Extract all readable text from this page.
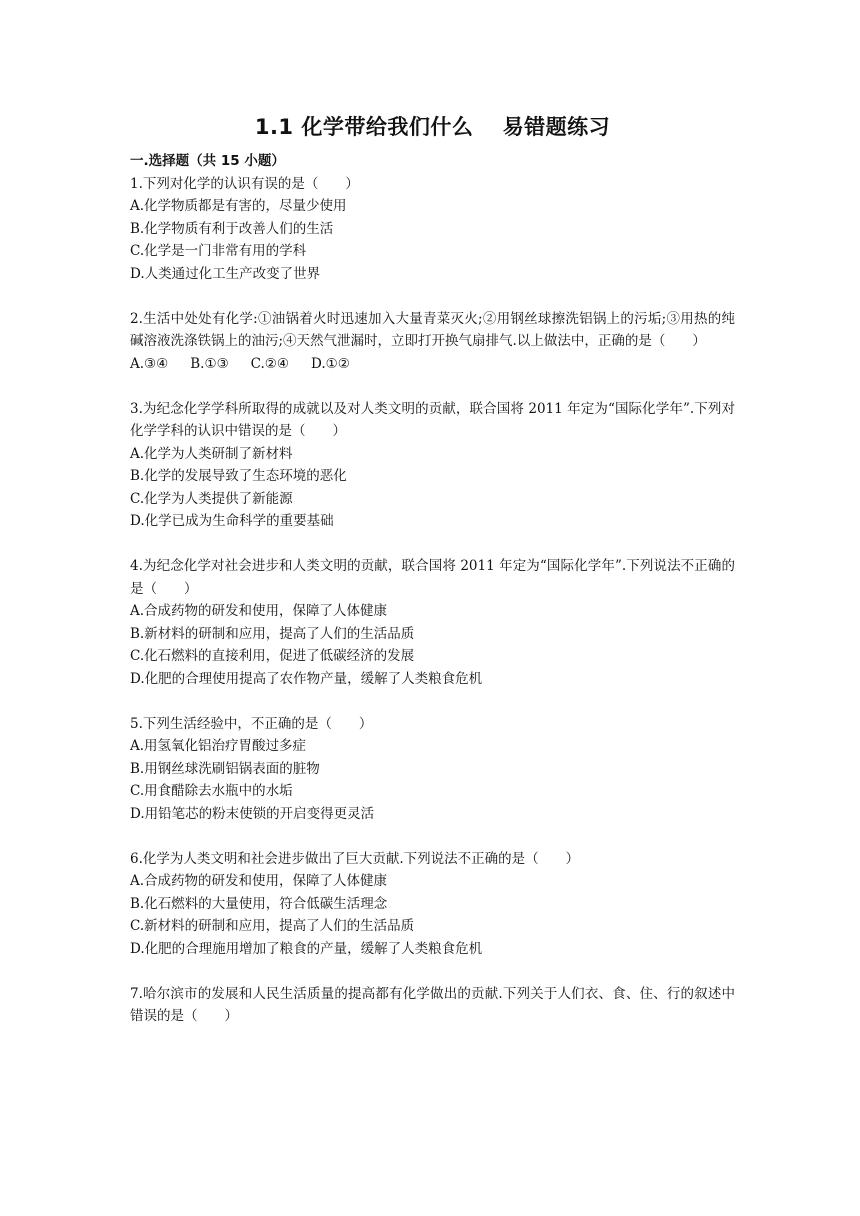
1.1 化学带给我们什么　 易错题练习

一.选择题（共 15 小题）

1.下列对化学的认识有误的是（　　）

A.化学物质都是有害的，尽量少使用

B.化学物质有利于改善人们的生活

C.化学是一门非常有用的学科

D.人类通过化工生产改变了世界

2.生活中处处有化学:①油锅着火时迅速加入大量青菜灭火;②用钢丝球擦洗铝锅上的污垢;③用热的纯碱溶液洗涤铁锅上的油污;④天然气泄漏时，立即打开换气扇排气.以上做法中，正确的是（　　）

A.③④ B.①③ C.②④ D.①②

3.为纪念化学学科所取得的成就以及对人类文明的贡献，联合国将 2011 年定为“国际化学年”.下列对化学学科的认识中错误的是（　　）

A.化学为人类研制了新材料

B.化学的发展导致了生态环境的恶化

C.化学为人类提供了新能源

D.化学已成为生命科学的重要基础

4.为纪念化学对社会进步和人类文明的贡献，联合国将 2011 年定为“国际化学年”.下列说法不正确的是（　　）

A.合成药物的研发和使用，保障了人体健康

B.新材料的研制和应用，提高了人们的生活品质

C.化石燃料的直接利用，促进了低碳经济的发展

D.化肥的合理使用提高了农作物产量，缓解了人类粮食危机

5.下列生活经验中，不正确的是（　　）

A.用氢氧化铝治疗胃酸过多症

B.用钢丝球洗刷铝锅表面的脏物

C.用食醋除去水瓶中的水垢

D.用铅笔芯的粉末使锁的开启变得更灵活

6.化学为人类文明和社会进步做出了巨大贡献.下列说法不正确的是（　　）

A.合成药物的研发和使用，保障了人体健康

B.化石燃料的大量使用，符合低碳生活理念

C.新材料的研制和应用，提高了人们的生活品质

D.化肥的合理施用增加了粮食的产量，缓解了人类粮食危机

7.哈尔滨市的发展和人民生活质量的提高都有化学做出的贡献.下列关于人们衣、食、住、行的叙述中错误的是（　　）
